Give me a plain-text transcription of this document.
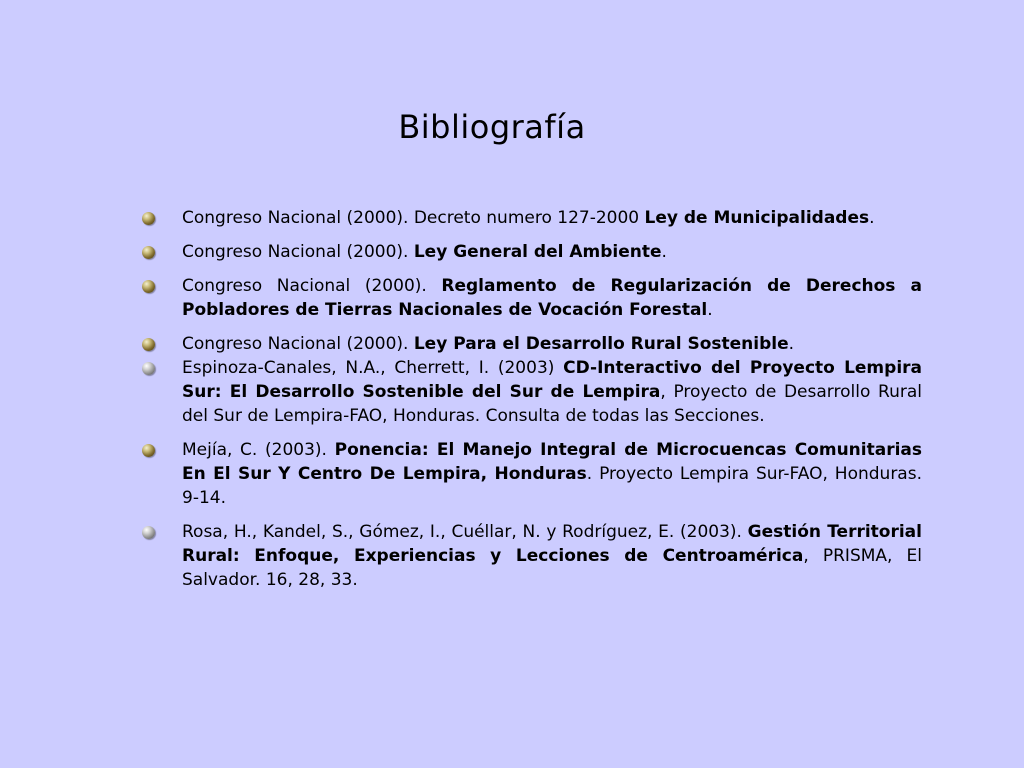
Bibliografía
Congreso Nacional (2000). Decreto numero 127-2000 Ley de Municipalidades.
Congreso Nacional (2000). Ley General del Ambiente.
Congreso Nacional (2000). Reglamento de Regularización de Derechos a Pobladores de Tierras Nacionales de Vocación Forestal.
Congreso Nacional (2000). Ley Para el Desarrollo Rural Sostenible.
Espinoza-Canales, N.A., Cherrett, I. (2003) CD-Interactivo del Proyecto Lempira Sur: El Desarrollo Sostenible del Sur de Lempira, Proyecto de Desarrollo Rural del Sur de Lempira-FAO, Honduras. Consulta de todas las Secciones.
Mejía, C. (2003). Ponencia: El Manejo Integral de Microcuencas Comunitarias En El Sur Y Centro De Lempira, Honduras. Proyecto Lempira Sur-FAO, Honduras. 9-14.
Rosa, H., Kandel, S., Gómez, I., Cuéllar, N. y Rodríguez, E. (2003). Gestión Territorial Rural: Enfoque, Experiencias y Lecciones de Centroamérica, PRISMA, El Salvador. 16, 28, 33.
